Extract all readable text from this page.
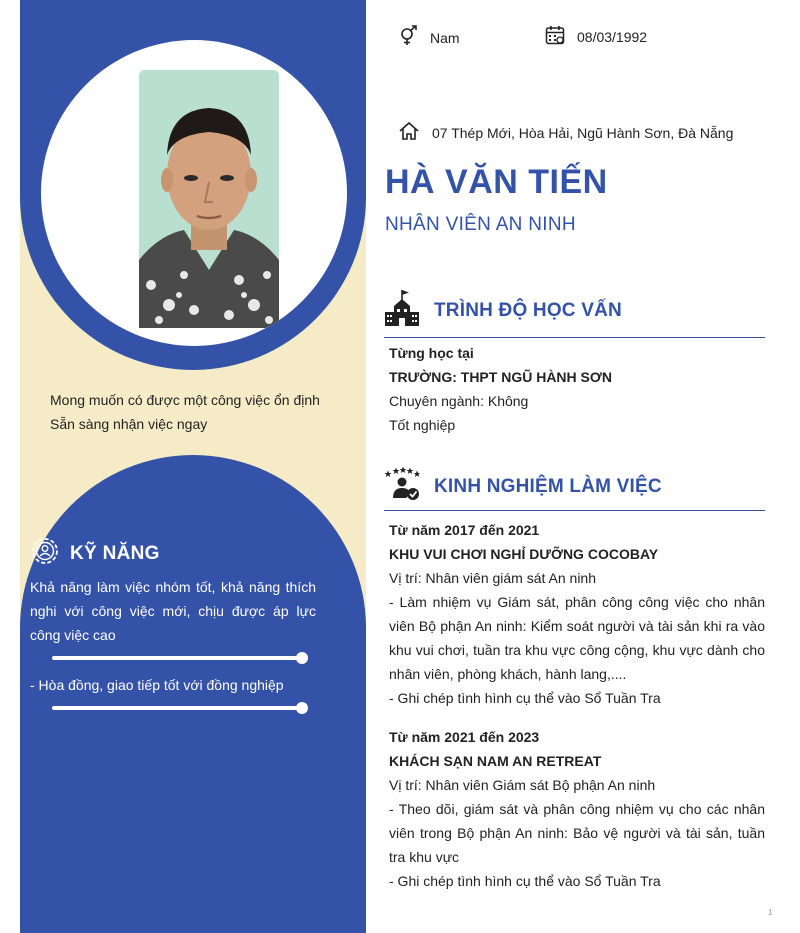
Mong muốn có được một công việc ổn định
Sẵn sàng nhận việc ngay
KỸ NĂNG
Khả năng làm việc nhóm tốt, khả năng thích nghi với công việc mới, chịu được áp lực công việc cao
- Hòa đồng, giao tiếp tốt với đồng nghiệp
Nam	08/03/1992
07 Thép Mới, Hòa Hải, Ngũ Hành Sơn, Đà Nẵng
HÀ VĂN TIẾN
NHÂN VIÊN AN NINH
TRÌNH ĐỘ HỌC VẤN
Từng học tại
TRƯỜNG: THPT NGŨ HÀNH SƠN
Chuyên ngành: Không
Tốt nghiệp
KINH NGHIỆM LÀM VIỆC
Từ năm 2017 đến 2021
KHU VUI CHƠI NGHỈ DƯỠNG COCOBAY
Vị trí: Nhân viên giám sát An ninh
- Làm nhiệm vụ Giám sát, phân công công việc cho nhân viên Bộ phận An ninh: Kiểm soát người và tài sản khi ra vào khu vui chơi, tuần tra khu vực công cộng, khu vực dành cho nhân viên, phòng khách, hành lang,....
- Ghi chép tình hình cụ thể vào Sổ Tuần Tra
Từ năm 2021 đến 2023
KHÁCH SẠN NAM AN RETREAT
Vị trí: Nhân viên Giám sát Bộ phận An ninh
- Theo dõi, giám sát và phân công nhiệm vụ cho các nhân viên trong Bộ phận An ninh: Bảo vệ người và tài sản, tuần tra khu vực
- Ghi chép tình hình cụ thể vào Sổ Tuần Tra
1
